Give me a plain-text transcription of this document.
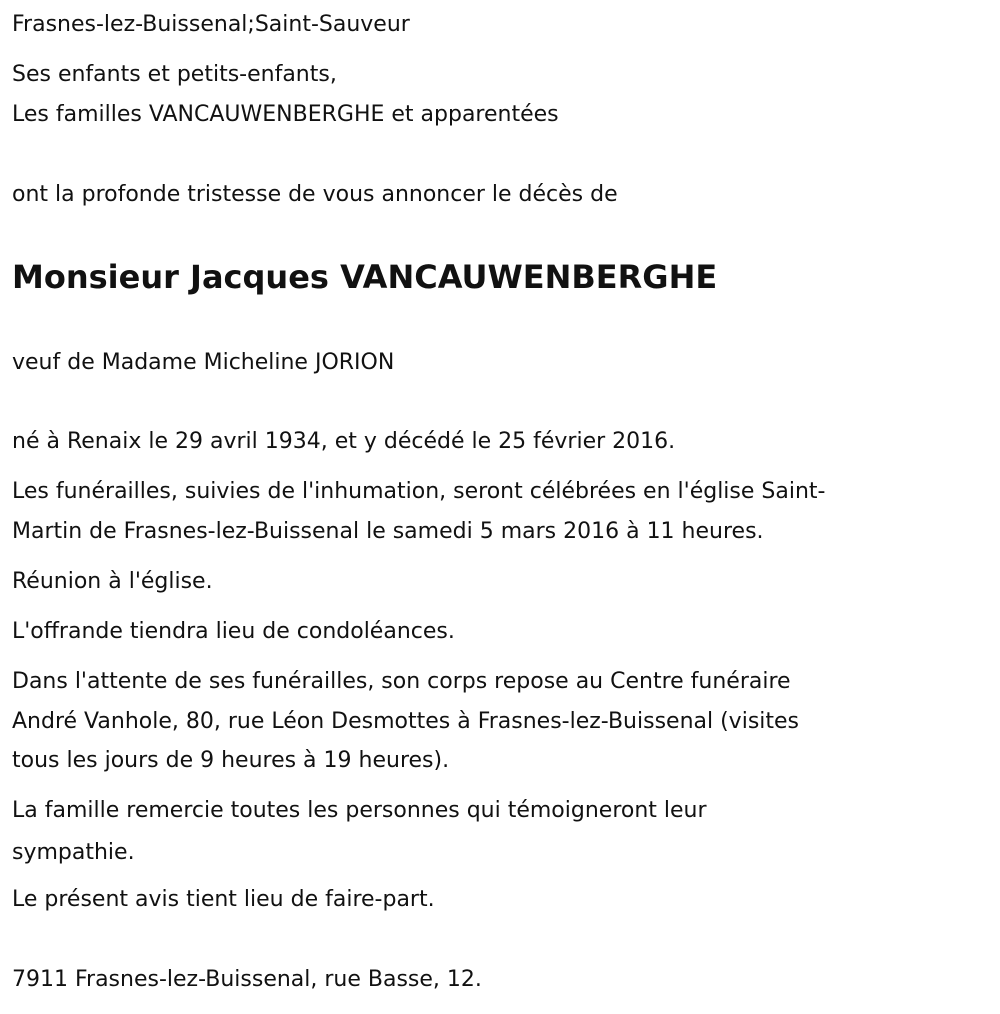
Frasnes-lez-Buissenal;Saint-Sauveur
Ses enfants et petits-enfants,
Les familles VANCAUWENBERGHE et apparentées
ont la profonde tristesse de vous annoncer le décès de
Monsieur Jacques VANCAUWENBERGHE
veuf de Madame Micheline JORION
né à Renaix le 29 avril 1934, et y décédé le 25 février 2016.
Les funérailles, suivies de l'inhumation, seront célébrées en l'église Saint-
Martin de Frasnes-lez-Buissenal le samedi 5 mars 2016 à 11 heures.
Réunion à l'église.
L'offrande tiendra lieu de condoléances.
Dans l'attente de ses funérailles, son corps repose au Centre funéraire
André Vanhole, 80, rue Léon Desmottes à Frasnes-lez-Buissenal (visites
tous les jours de 9 heures à 19 heures).
La famille remercie toutes les personnes qui témoigneront leur
sympathie.
Le présent avis tient lieu de faire-part.
7911 Frasnes-lez-Buissenal, rue Basse, 12.
